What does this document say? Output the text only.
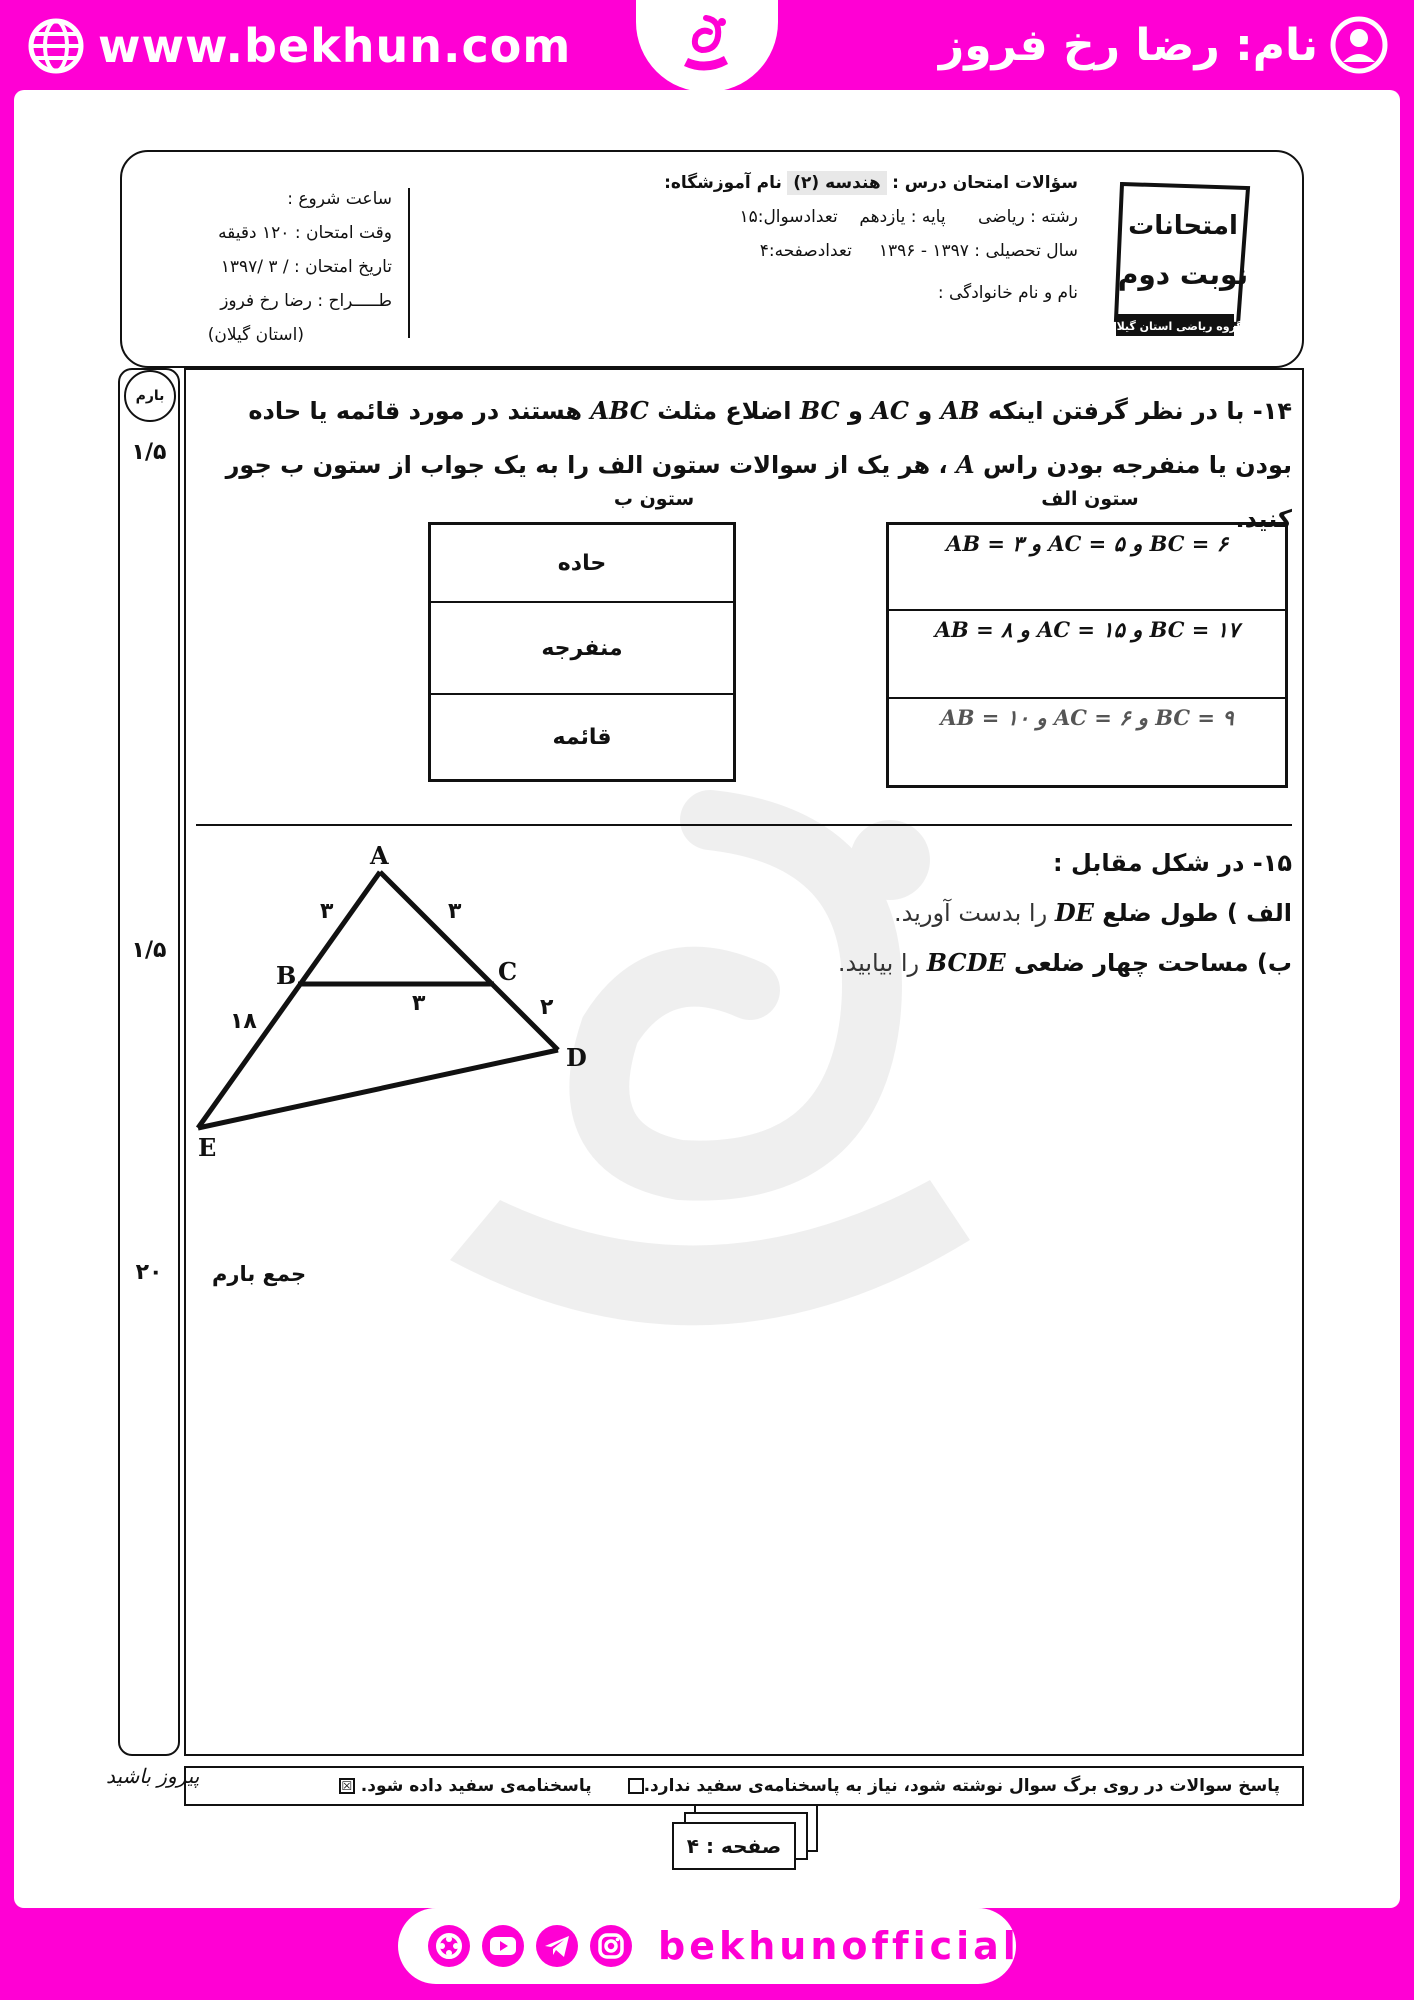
www.bekhun.com	نام: رضا رخ فروز
امتحانات
نوبت دوم
گروه ریاضی استان گیلان
سؤالات امتحان درس : هندسه (۲) نام آموزشگاه:
رشته : ریاضی      پایه : یازدهم    تعدادسوال:۱۵
سال تحصیلی : ۱۳۹۷ - ۱۳۹۶     تعدادصفحه:۴
نام و نام خانوادگی :
ساعت شروع :
وقت امتحان : ۱۲۰ دقیقه
تاریخ امتحان : / ۳ /۱۳۹۷
طـــــراح : رضا رخ فروز
(استان گیلان)
بارم
۱/۵
۱/۵
۲۰
۱۴- با در نظر گرفتن اینکه AB و AC و BC اضلاع مثلث ABC هستند در مورد قائمه یا حاده بودن یا منفرجه بودن راس A ، هر یک از سوالات ستون الف را به یک جواب از ستون ب جور کنید.
ستون الف
ستون ب
AB = ۳ و AC = ۵ و BC = ۶
AB = ۸ و AC = ۱۵ و BC = ۱۷
AB = ۱۰ و AC = ۶ و BC = ۹
حاده
منفرجه
قائمه
۱۵- در شکل مقابل :
الف ) طول ضلع DE را بدست آورید.
ب) مساحت چهار ضلعی BCDE را بیابید.
A
B	C
D
E
۳	۳
۳	۲
۱۸
جمع بارم
پاسخ سوالات در روی برگ سوال نوشته شود، نیاز به پاسخنامه‌ی سفید ندارد.
پاسخنامه‌ی سفید داده شود. ☒
پیروز باشید
صفحه : ۴
bekhunofficial
